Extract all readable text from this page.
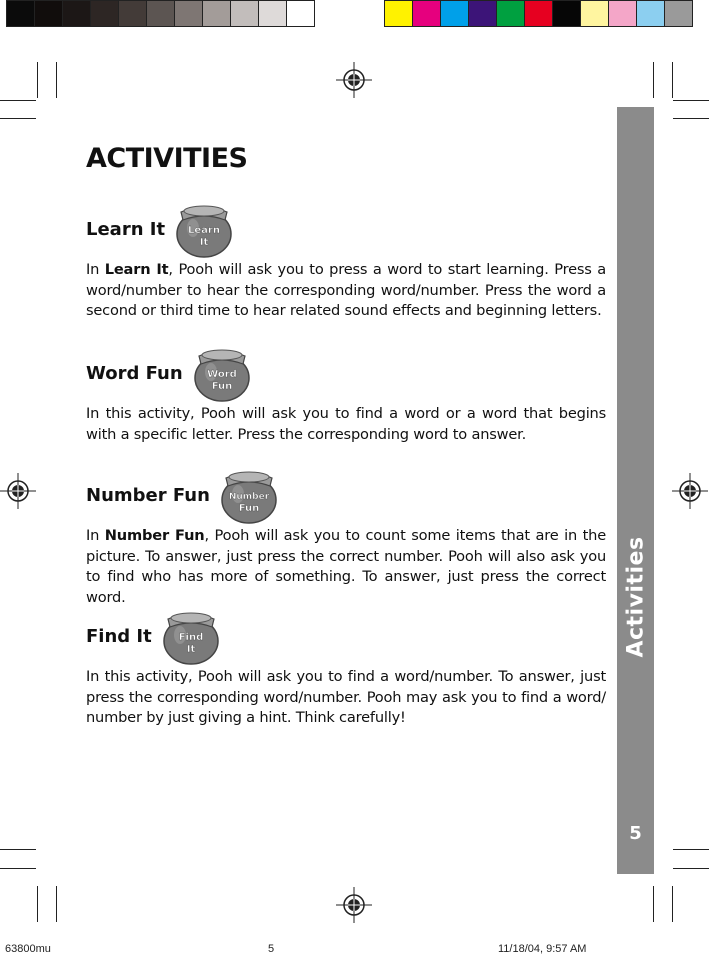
Activities
5
ACTIVITIES
Learn It Learn
It

In Learn It, Pooh will ask you to press a word to start learning. Press a word/number to hear the corresponding word/number. Press the word a second or third time to hear related sound effects and beginning letters.

Word Fun Word
Fun

In this activity, Pooh will ask you to find a word or a word that begins with a specific letter. Press the corresponding word to answer.

Number Fun Number
Fun

In Number Fun, Pooh will ask you to count some items that are in the picture. To answer, just press the correct number. Pooh will also ask you to find who has more of something. To answer, just press the correct word.

Find It	Find
It

In this activity, Pooh will ask you to find a word/number. To answer, just press the corresponding word/number. Pooh may ask you to find a word/ number by just giving a hint. Think carefully!

63800mu	5	11/18/04, 9:57 AM
